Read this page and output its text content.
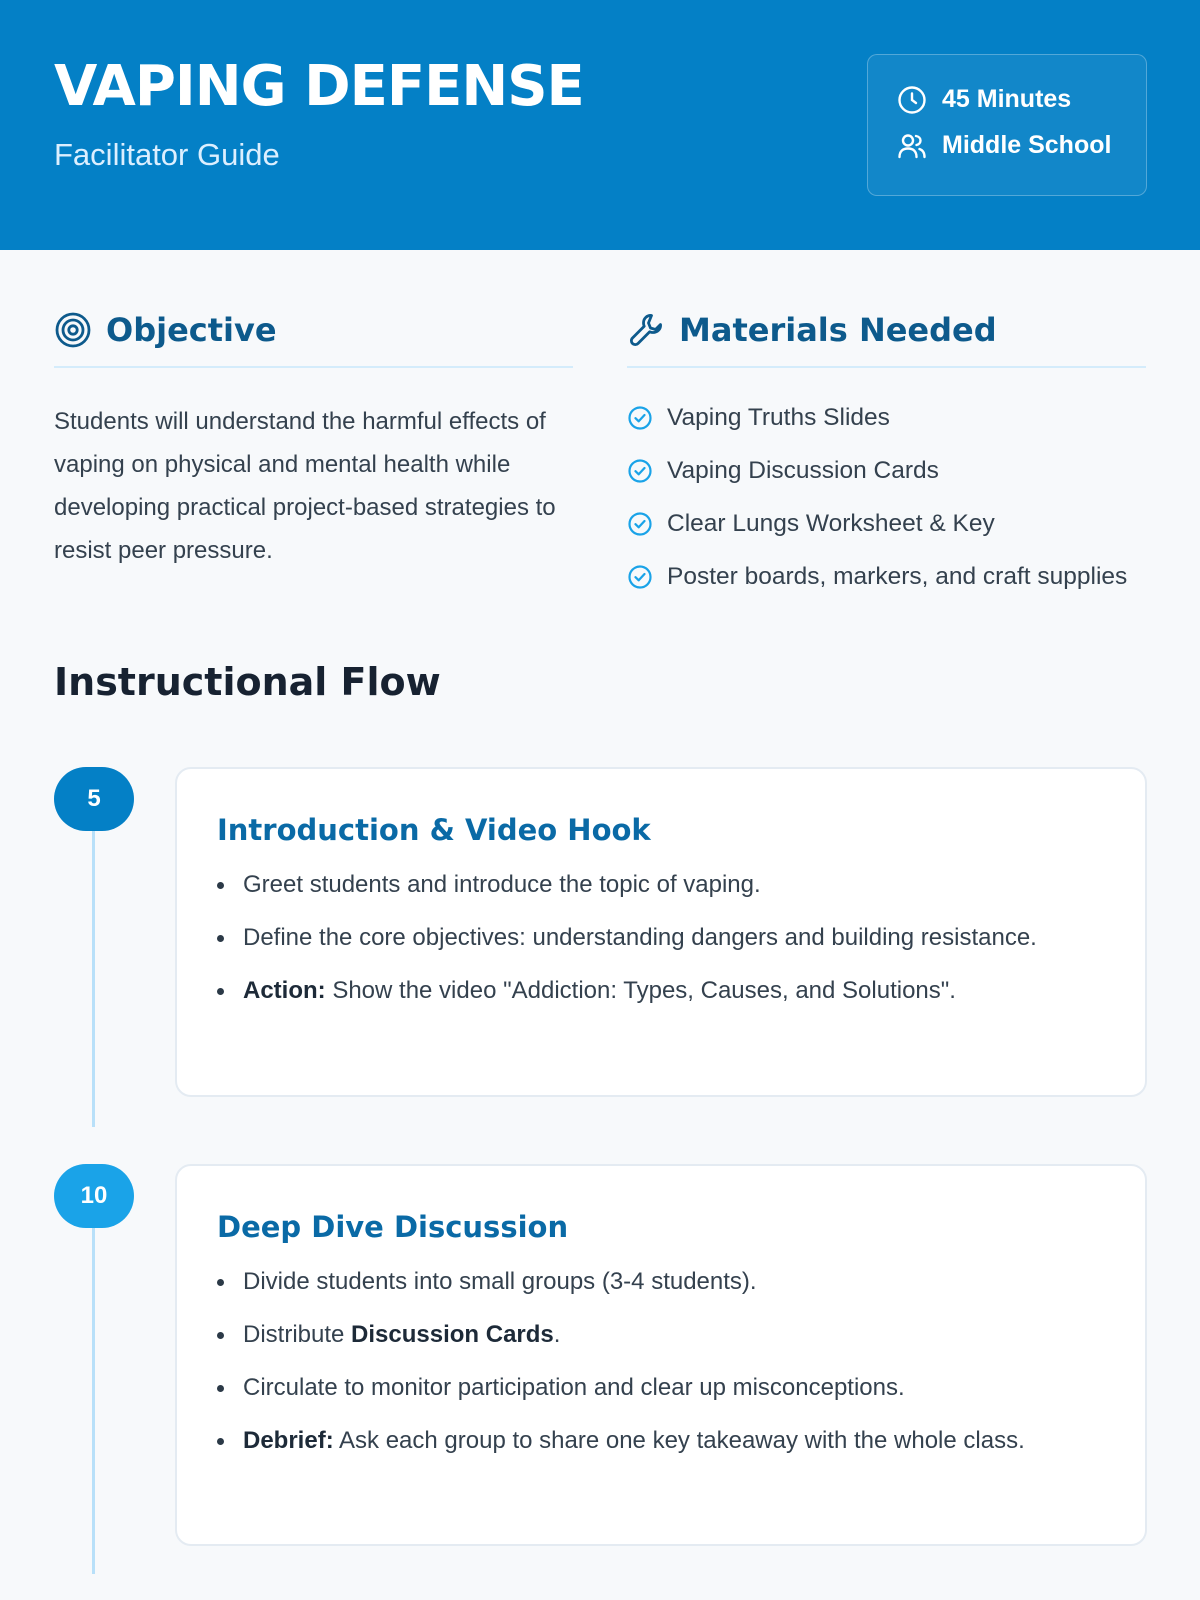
VAPING DEFENSE
Facilitator Guide
45 Minutes
Middle School
Objective

Students will understand the harmful effects of vaping on physical and mental health while developing practical project-based strategies to resist peer pressure.

Materials Needed
Vaping Truths Slides
Vaping Discussion Cards
Clear Lungs Worksheet & Key
Poster boards, markers, and craft supplies
Instructional Flow
5
Introduction & Video Hook
Greet students and introduce the topic of vaping.
Define the core objectives: understanding dangers and building resistance.
Action: Show the video "Addiction: Types, Causes, and Solutions".
10
Deep Dive Discussion
Divide students into small groups (3-4 students).
Distribute Discussion Cards.
Circulate to monitor participation and clear up misconceptions.
Debrief: Ask each group to share one key takeaway with the whole class.
